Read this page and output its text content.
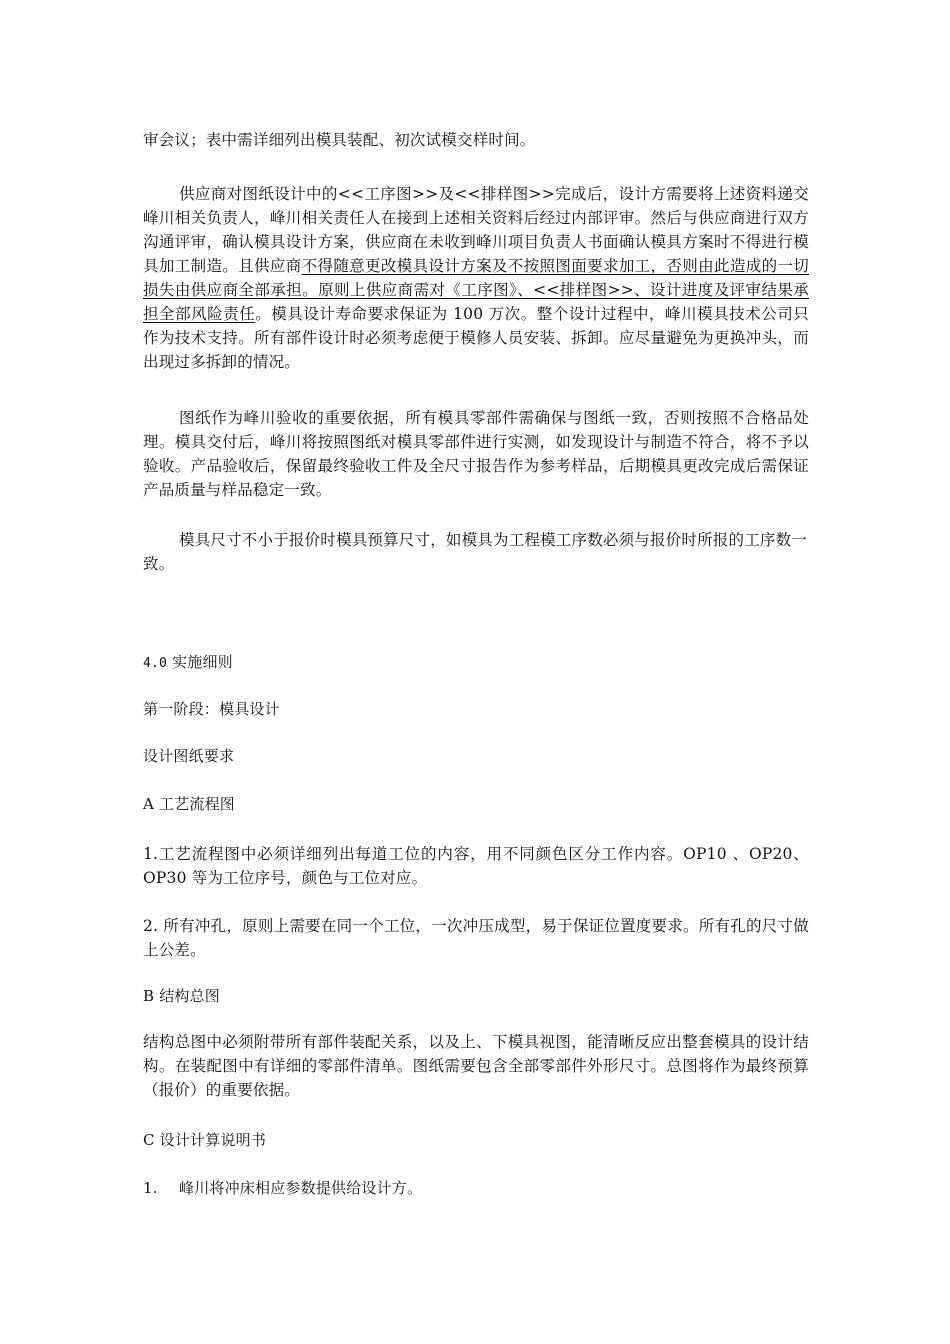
审会议；表中需详细列出模具装配、初次试模交样时间。

供应商对图纸设计中的<<工序图>>及<<排样图>>完成后，设计方需要将上述资料递交峰川相关负责人，峰川相关责任人在接到上述相关资料后经过内部评审。然后与供应商进行双方沟通评审，确认模具设计方案，供应商在未收到峰川项目负责人书面确认模具方案时不得进行模具加工制造。且供应商不得随意更改模具设计方案及不按照图面要求加工，否则由此造成的一切损失由供应商全部承担。原则上供应商需对《工序图》、<<排样图>>、设计进度及评审结果承担全部风险责任。模具设计寿命要求保证为 100 万次。整个设计过程中，峰川模具技术公司只作为技术支持。所有部件设计时必须考虑便于模修人员安装、拆卸。应尽量避免为更换冲头，而出现过多拆卸的情况。

图纸作为峰川验收的重要依据，所有模具零部件需确保与图纸一致，否则按照不合格品处理。模具交付后，峰川将按照图纸对模具零部件进行实测，如发现设计与制造不符合，将不予以验收。产品验收后，保留最终验收工件及全尺寸报告作为参考样品，后期模具更改完成后需保证产品质量与样品稳定一致。

模具尺寸不小于报价时模具预算尺寸，如模具为工程模工序数必须与报价时所报的工序数一
致。
4.0 实施细则
第一阶段：模具设计
设计图纸要求
A 工艺流程图

1.工艺流程图中必须详细列出每道工位的内容，用不同颜色区分工作内容。OP10 、OP20、OP30 等为工位序号，颜色与工位对应。

2. 所有冲孔，原则上需要在同一个工位，一次冲压成型，易于保证位置度要求。所有孔的尺寸做上公差。

B 结构总图

结构总图中必须附带所有部件装配关系，以及上、下模具视图，能清晰反应出整套模具的设计结构。在装配图中有详细的零部件清单。图纸需要包含全部零部件外形尺寸。总图将作为最终预算（报价）的重要依据。

C 设计计算说明书
1. 峰川将冲床相应参数提供给设计方。
